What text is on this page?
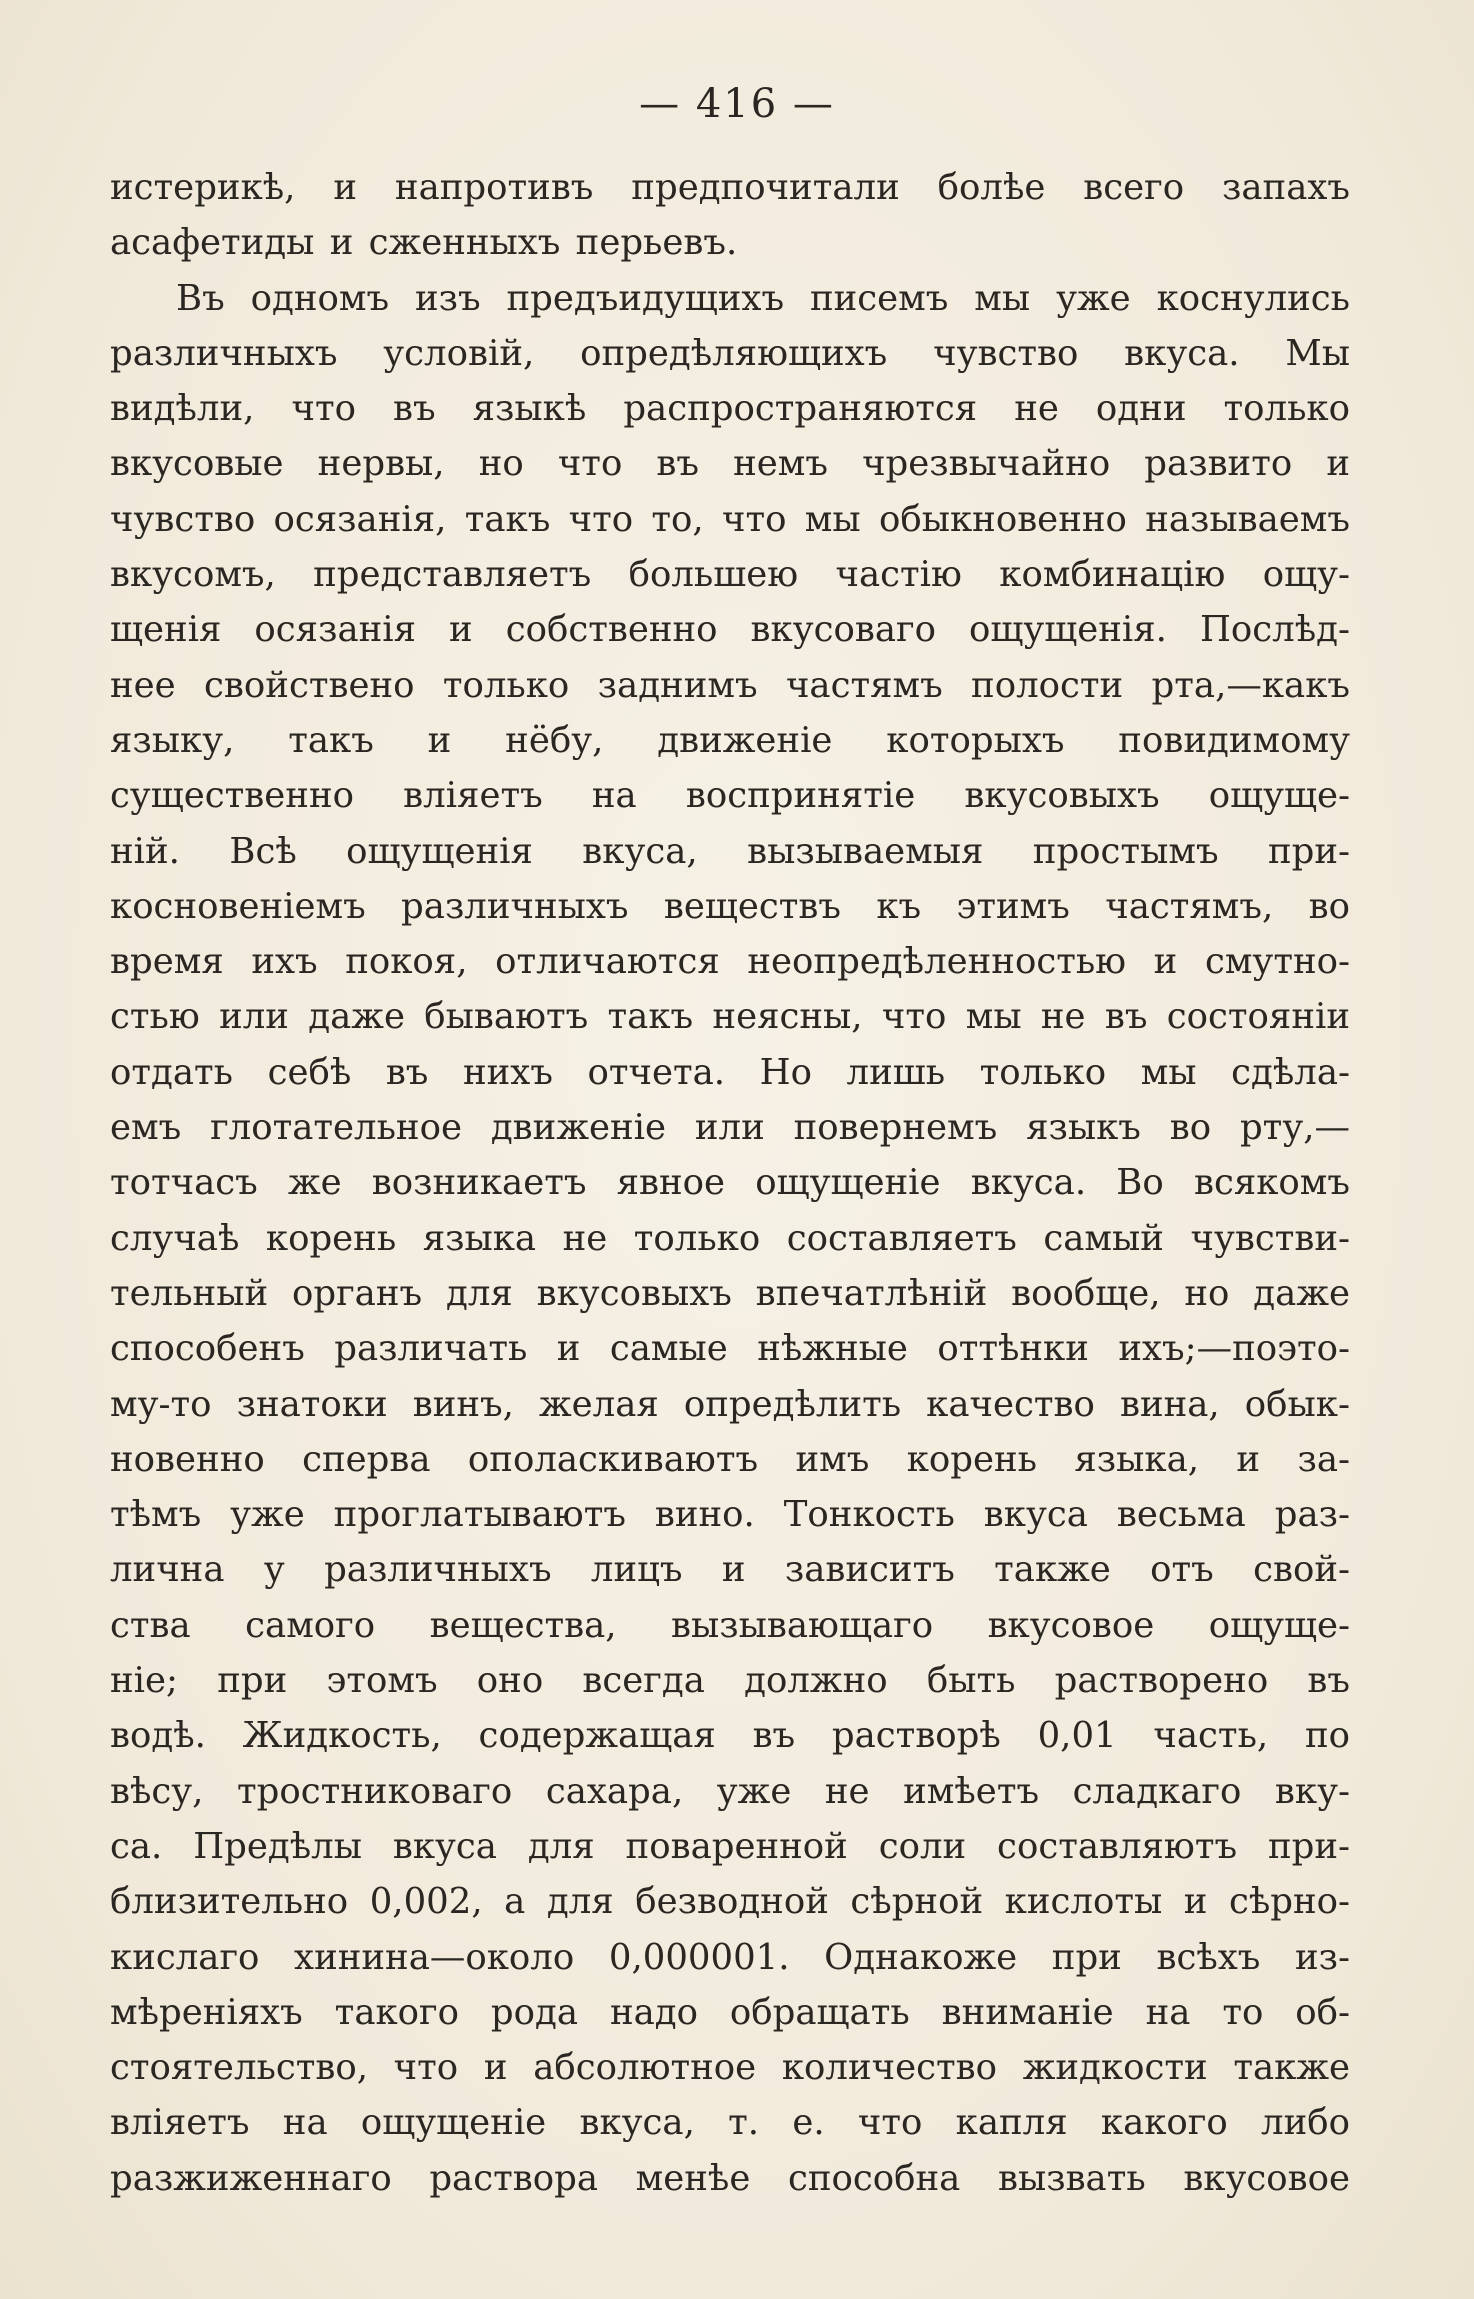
— 416 —
истерикѣ, и напротивъ предпочитали болѣе всего запахъ
асафетиды и сженныхъ перьевъ.
Въ одномъ изъ предъидущихъ писемъ мы уже коснулись
различныхъ условій, опредѣляющихъ чувство вкуса. Мы
видѣли, что въ языкѣ распространяются не одни только
вкусовые нервы, но что въ немъ чрезвычайно развито и
чувство осязанія, такъ что то, что мы обыкновенно называемъ
вкусомъ, представляетъ большею частію комбинацію ощу-
щенія осязанія и собственно вкусоваго ощущенія. Послѣд-
нее свойствено только заднимъ частямъ полости рта,—какъ
языку, такъ и нёбу, движеніе которыхъ повидимому
существенно вліяетъ на воспринятіе вкусовыхъ ощуще-
ній. Всѣ ощущенія вкуса, вызываемыя простымъ при-
косновеніемъ различныхъ веществъ къ этимъ частямъ, во
время ихъ покоя, отличаются неопредѣленностью и смутно-
стью или даже бываютъ такъ неясны, что мы не въ состояніи
отдать себѣ въ нихъ отчета. Но лишь только мы сдѣла-
емъ глотательное движеніе или повернемъ языкъ во рту,—
тотчасъ же возникаетъ явное ощущеніе вкуса. Во всякомъ
случаѣ корень языка не только составляетъ самый чувстви-
тельный органъ для вкусовыхъ впечатлѣній вообще, но даже
способенъ различать и самые нѣжные оттѣнки ихъ;—поэто-
му-то знатоки винъ, желая опредѣлить качество вина, обык-
новенно сперва ополаскиваютъ имъ корень языка, и за-
тѣмъ уже проглатываютъ вино. Тонкость вкуса весьма раз-
лична у различныхъ лицъ и зависитъ также отъ свой-
ства самого вещества, вызывающаго вкусовое ощуще-
ніе; при этомъ оно всегда должно быть растворено въ
водѣ. Жидкость, содержащая въ растворѣ 0,01 часть, по
вѣсу, тростниковаго сахара, уже не имѣетъ сладкаго вку-
са. Предѣлы вкуса для поваренной соли составляютъ при-
близительно 0,002, а для безводной сѣрной кислоты и сѣрно-
кислаго хинина—около 0,000001. Однакоже при всѣхъ из-
мѣреніяхъ такого рода надо обращать вниманіе на то об-
стоятельство, что и абсолютное количество жидкости также
вліяетъ на ощущеніе вкуса, т. е. что капля какого либо
разжиженнаго раствора менѣе способна вызвать вкусовое
